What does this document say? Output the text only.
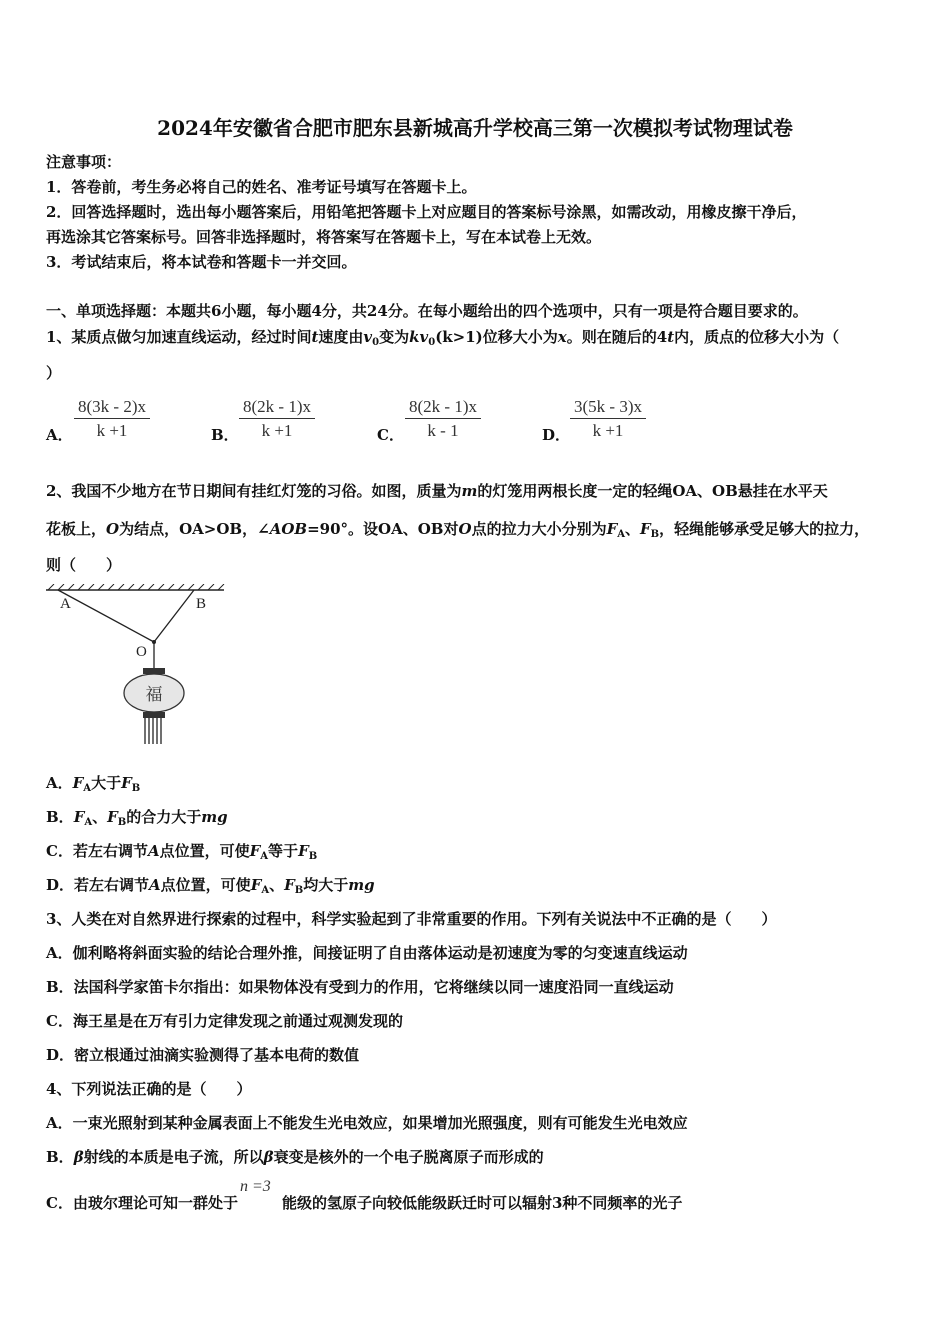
2024年安徽省合肥市肥东县新城高升学校高三第一次模拟考试物理试卷
注意事项：
1．答卷前，考生务必将自己的姓名、准考证号填写在答题卡上。
2．回答选择题时，选出每小题答案后，用铅笔把答题卡上对应题目的答案标号涂黑，如需改动，用橡皮擦干净后，
再选涂其它答案标号。回答非选择题时，将答案写在答题卡上，写在本试卷上无效。
3．考试结束后，将本试卷和答题卡一并交回。
一、单项选择题：本题共6小题，每小题4分，共24分。在每小题给出的四个选项中，只有一项是符合题目要求的。
1、某质点做匀加速直线运动，经过时间t速度由$v_0$变为$kv_0(k>1)$位移大小为x。则在随后的4t内，质点的位移大小为（
）
A． $\frac{8(3k - 2)x}{k +1}$	B． $\frac{8(2k - 1)x}{k +1}$	C． $\frac{8(2k - 1)x}{k - 1}$	D． $\frac{3(5k - 3)x}{k +1}$
2、我国不少地方在节日期间有挂红灯笼的习俗。如图，质量为m的灯笼用两根长度一定的轻绳OA、OB悬挂在水平天
花板上，O为结点，OA>OB，∠AOB=90°。设OA、OB对O点的拉力大小分别为$F_A$、$F_B$，轻绳能够承受足够大的拉力，
则（　　）
A	B
O
福
A．$F_A$大于$F_B$
B．$F_A$、$F_B$的合力大于mg
C．若左右调节A点位置，可使$F_A$等于$F_B$
D．若左右调节A点位置，可使$F_A$、$F_B$均大于mg
3、人类在对自然界进行探索的过程中，科学实验起到了非常重要的作用。下列有关说法中不正确的是（　　）
A．伽利略将斜面实验的结论合理外推，间接证明了自由落体运动是初速度为零的匀变速直线运动
B．法国科学家笛卡尔指出：如果物体没有受到力的作用，它将继续以同一速度沿同一直线运动
C．海王星是在万有引力定律发现之前通过观测发现的
D．密立根通过油滴实验测得了基本电荷的数值
4、下列说法正确的是（　　）
A．一束光照射到某种金属表面上不能发生光电效应，如果增加光照强度，则有可能发生光电效应
B．β射线的本质是电子流，所以β衰变是核外的一个电子脱离原子而形成的
C．由玻尔理论可知一群处于
n =3
能级的氢原子向较低能级跃迁时可以辐射3种不同频率的光子
